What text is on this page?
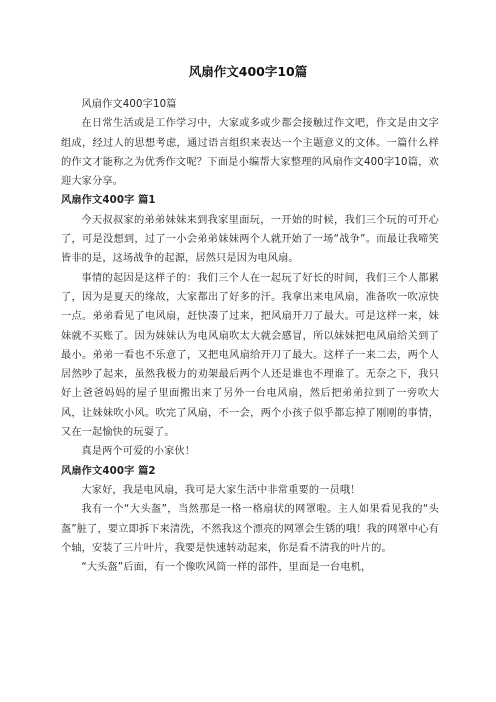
风扇作文400字10篇

风扇作文400字10篇

在日常生活或是工作学习中，大家或多或少都会接触过作文吧，作文是由文字组成，经过人的思想考虑，通过语言组织来表达一个主题意义的文体。一篇什么样的作文才能称之为优秀作文呢？下面是小编帮大家整理的风扇作文400字10篇，欢迎大家分享。

风扇作文400字 篇1

今天叔叔家的弟弟妹妹来到我家里面玩，一开始的时候，我们三个玩的可开心了，可是没想到，过了一小会弟弟妹妹两个人就开始了一场“战争”。而最让我啼笑皆非的是，这场战争的起源，居然只是因为电风扇。

事情的起因是这样子的：我们三个人在一起玩了好长的时间，我们三个人都累了，因为是夏天的缘故，大家都出了好多的汗。我拿出来电风扇，准备吹一吹凉快一点。弟弟看见了电风扇，赶快凑了过来，把风扇开刀了最大。可是这样一来，妹妹就不买账了。因为妹妹认为电风扇吹太大就会感冒，所以妹妹把电风扇给关到了最小。弟弟一看也不乐意了，又把电风扇给开刀了最大。这样子一来二去，两个人居然吵了起来，虽然我极力的劝架最后两个人还是谁也不理谁了。无奈之下，我只好上爸爸妈妈的屋子里面搬出来了另外一台电风扇，然后把弟弟拉到了一旁吹大风，让妹妹吹小风。吹完了风扇，不一会，两个小孩子似乎都忘掉了刚刚的事情，又在一起愉快的玩耍了。

真是两个可爱的小家伙！

风扇作文400字 篇2

大家好，我是电风扇，我可是大家生活中非常重要的一员哦！

我有一个“大头盔”，当然那是一格一格扇状的网罩啦。主人如果看见我的“头盔”脏了，要立即拆下来清洗，不然我这个漂亮的网罩会生锈的哦！我的网罩中心有个轴，安装了三片叶片，我要是快速转动起来，你是看不清我的叶片的。

“大头盔”后面，有一个像吹风筒一样的部件，里面是一台电机，
